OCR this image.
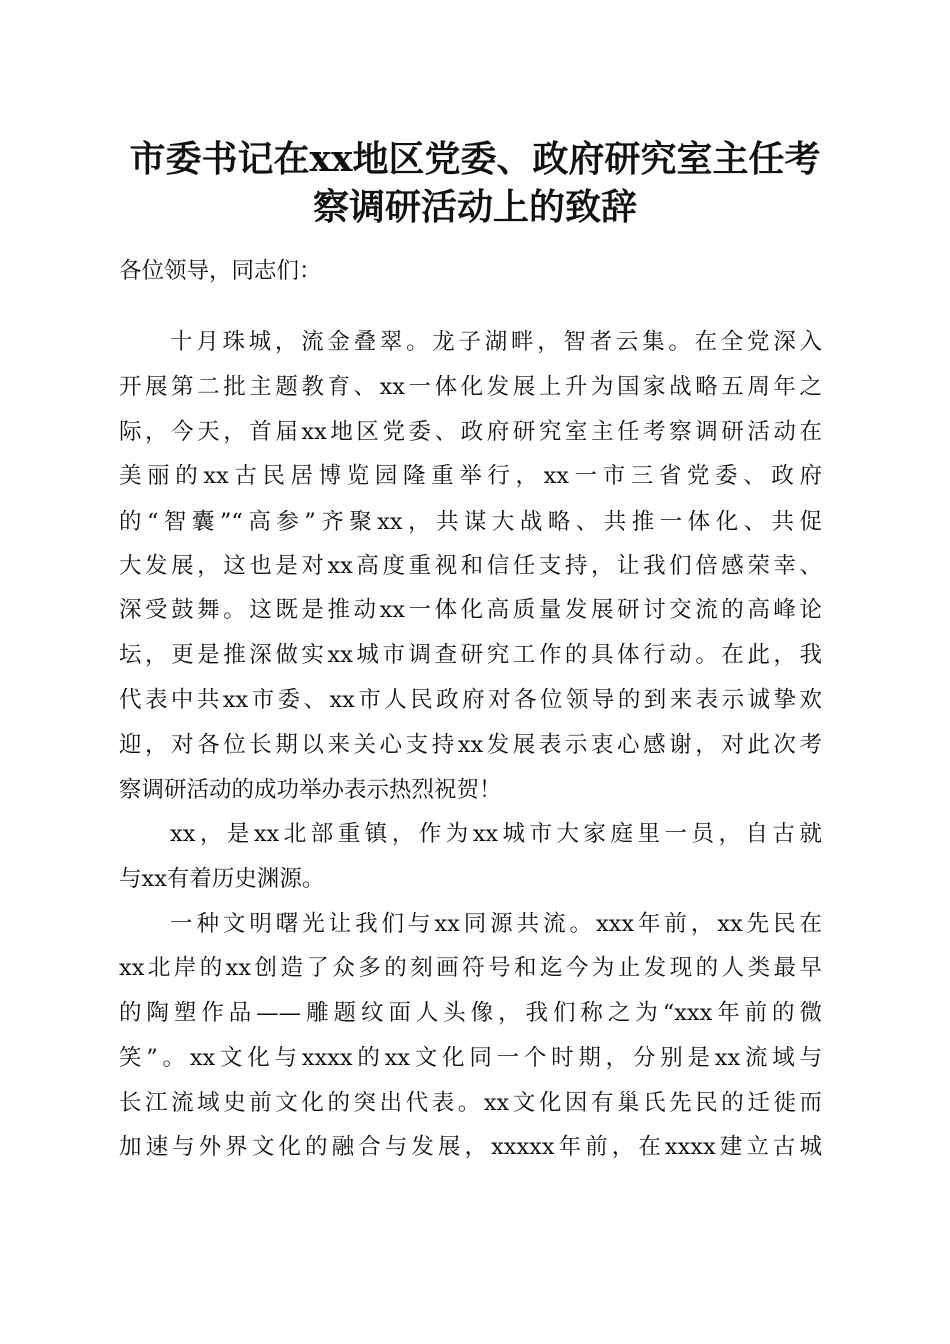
市委书记在xx地区党委、政府研究室主任考
察调研活动上的致辞
各位领导，同志们：
十月珠城，流金叠翠。龙子湖畔，智者云集。在全党深入
开展第二批主题教育、xx一体化发展上升为国家战略五周年之
际，今天，首届xx地区党委、政府研究室主任考察调研活动在
美丽的xx古民居博览园隆重举行，xx一市三省党委、政府
的“智囊”“高参”齐聚xx，共谋大战略、共推一体化、共促
大发展，这也是对xx高度重视和信任支持，让我们倍感荣幸、
深受鼓舞。这既是推动xx一体化高质量发展研讨交流的高峰论
坛，更是推深做实xx城市调查研究工作的具体行动。在此，我
代表中共xx市委、xx市人民政府对各位领导的到来表示诚挚欢
迎，对各位长期以来关心支持xx发展表示衷心感谢，对此次考
察调研活动的成功举办表示热烈祝贺！
xx，是xx北部重镇，作为xx城市大家庭里一员，自古就
与xx有着历史渊源。
一种文明曙光让我们与xx同源共流。xxx年前，xx先民在
xx北岸的xx创造了众多的刻画符号和迄今为止发现的人类最早
的陶塑作品——雕题纹面人头像，我们称之为“xxx年前的微
笑”。xx文化与xxxx的xx文化同一个时期，分别是xx流域与
长江流域史前文化的突出代表。xx文化因有巢氏先民的迁徙而
加速与外界文化的融合与发展，xxxxx年前，在xxxx建立古城
